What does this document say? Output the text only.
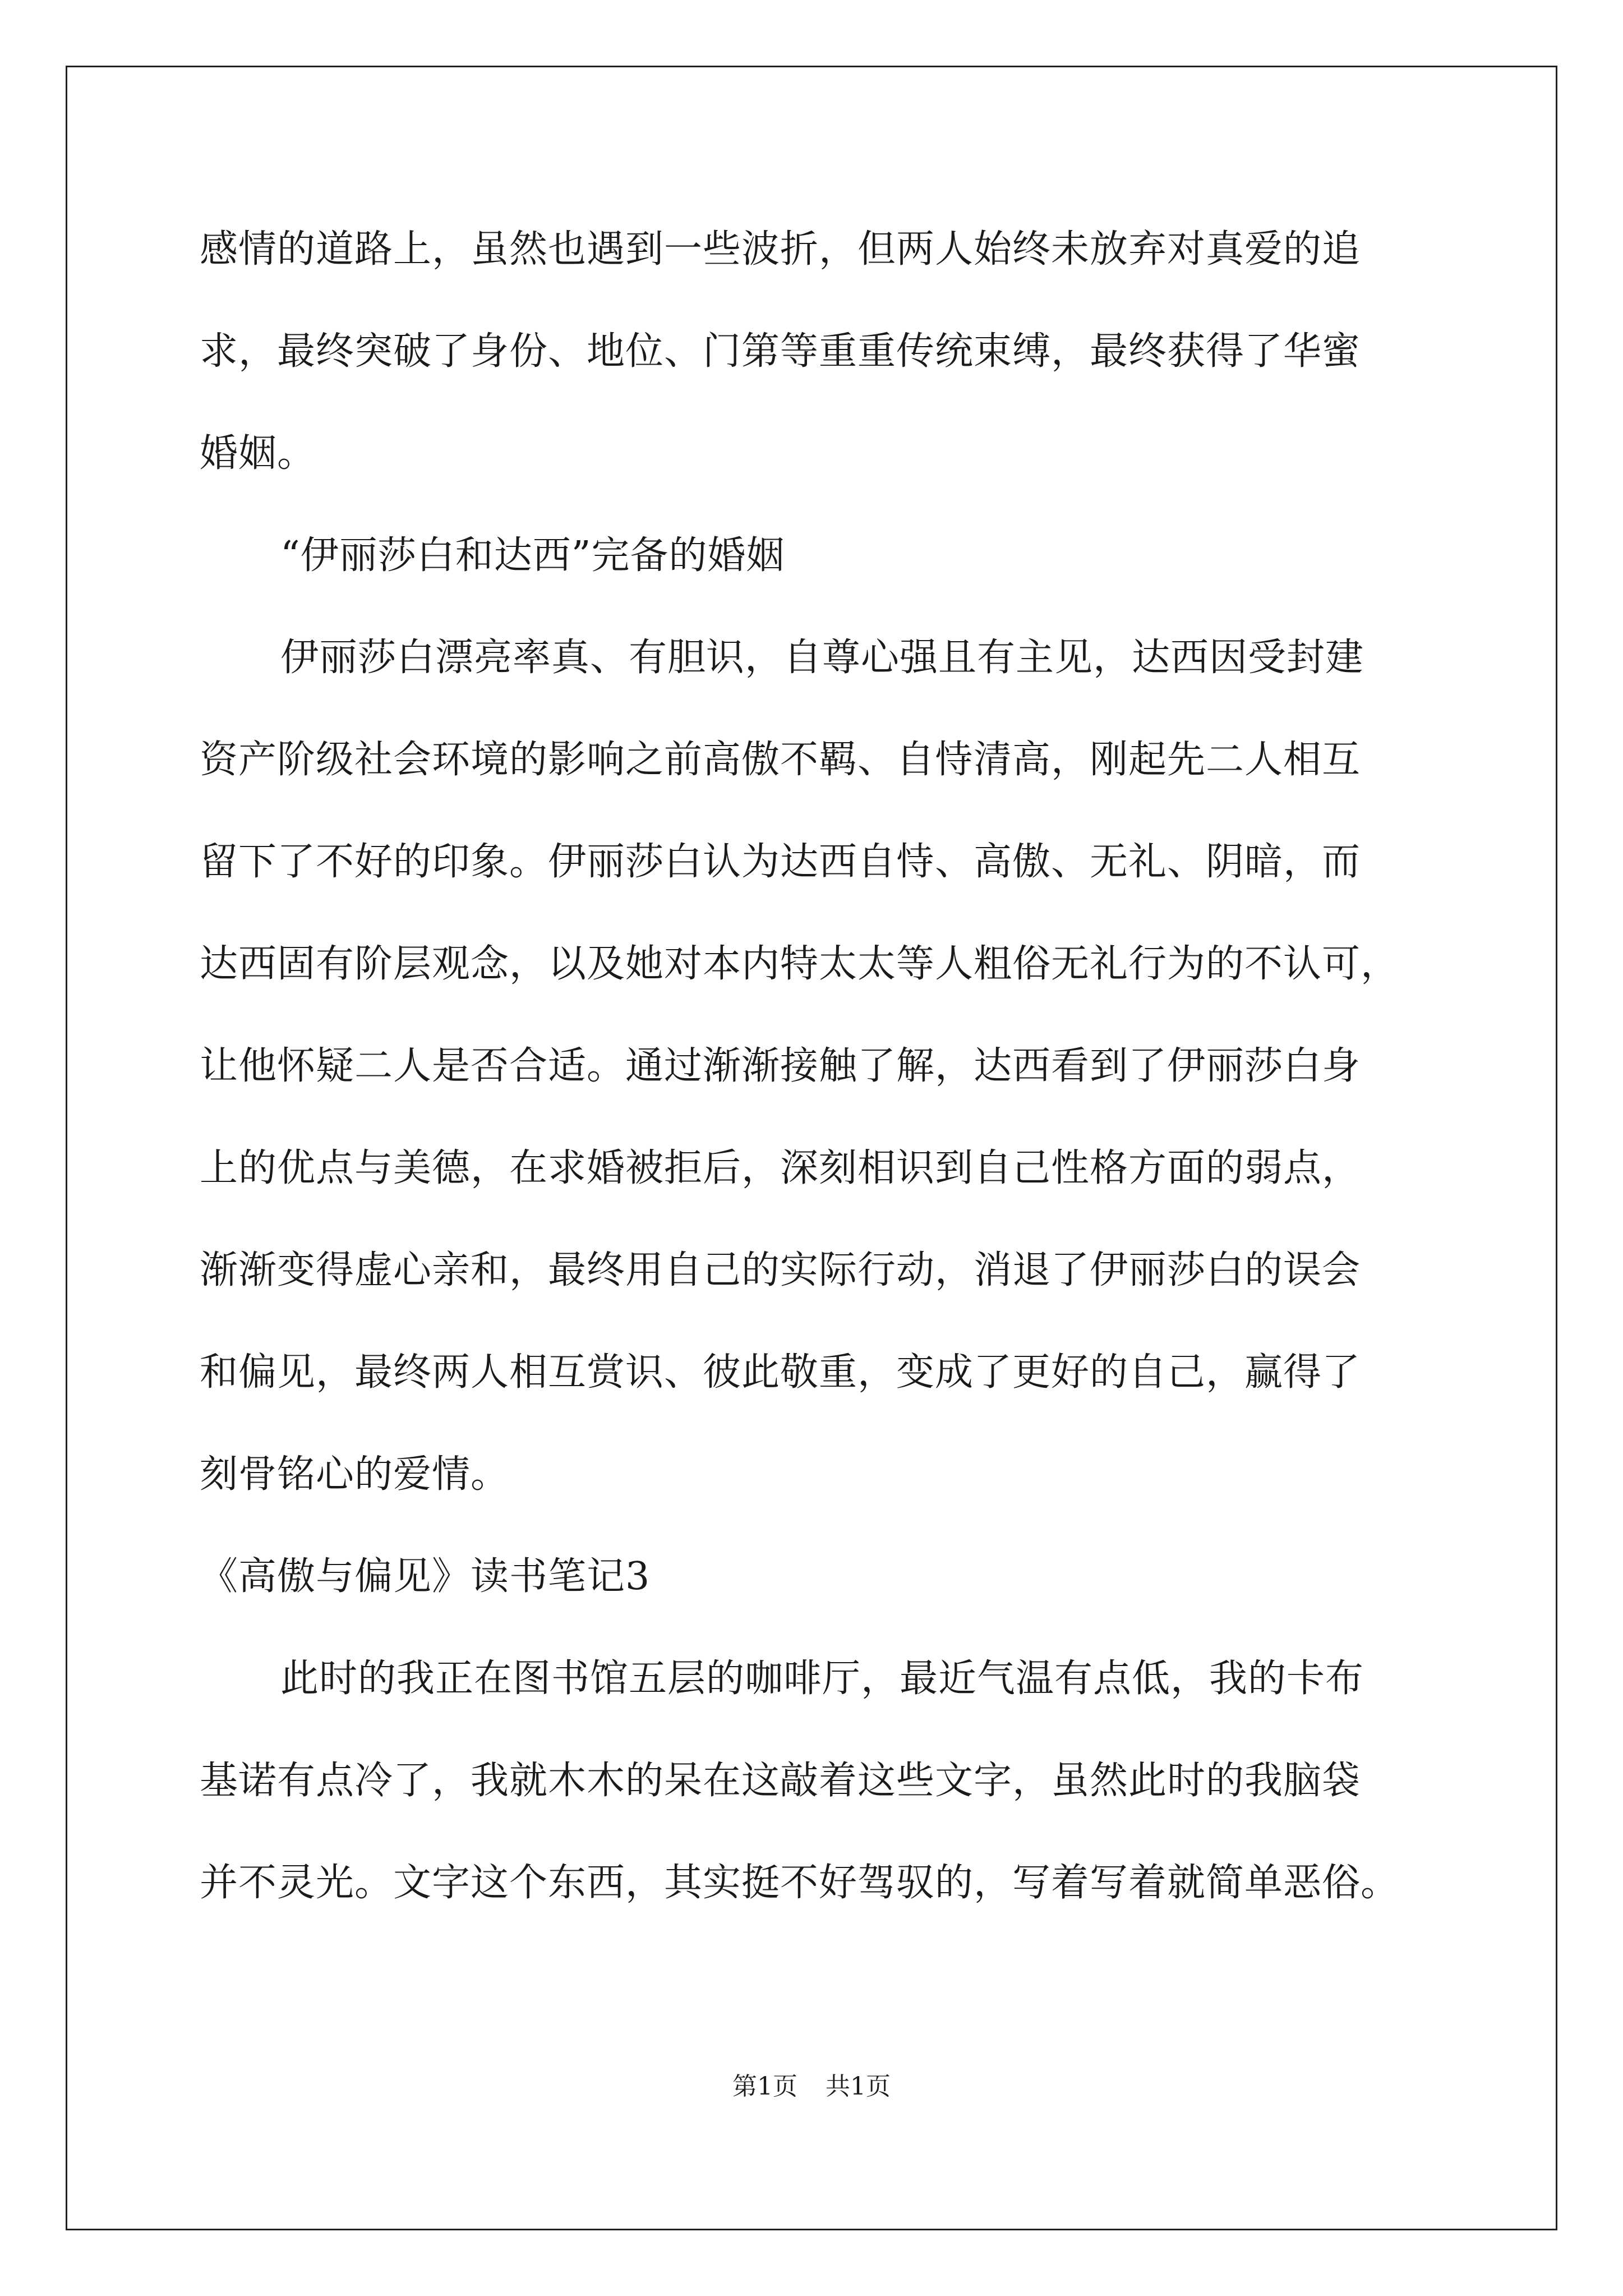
感情的道路上，虽然也遇到一些波折，但两人始终未放弃对真爱的追
求，最终突破了身份、地位、门第等重重传统束缚，最终获得了华蜜
婚姻。
“伊丽莎白和达西”完备的婚姻
伊丽莎白漂亮率真、有胆识，自尊心强且有主见，达西因受封建
资产阶级社会环境的影响之前高傲不羁、自恃清高，刚起先二人相互
留下了不好的印象。伊丽莎白认为达西自恃、高傲、无礼、阴暗，而
达西固有阶层观念，以及她对本内特太太等人粗俗无礼行为的不认可，
让他怀疑二人是否合适。通过渐渐接触了解，达西看到了伊丽莎白身
上的优点与美德，在求婚被拒后，深刻相识到自己性格方面的弱点，
渐渐变得虚心亲和，最终用自己的实际行动，消退了伊丽莎白的误会
和偏见，最终两人相互赏识、彼此敬重，变成了更好的自己，赢得了
刻骨铭心的爱情。
《高傲与偏见》读书笔记3
此时的我正在图书馆五层的咖啡厅，最近气温有点低，我的卡布
基诺有点冷了，我就木木的呆在这敲着这些文字，虽然此时的我脑袋
并不灵光。文字这个东西，其实挺不好驾驭的，写着写着就简单恶俗。
第1页 共1页
